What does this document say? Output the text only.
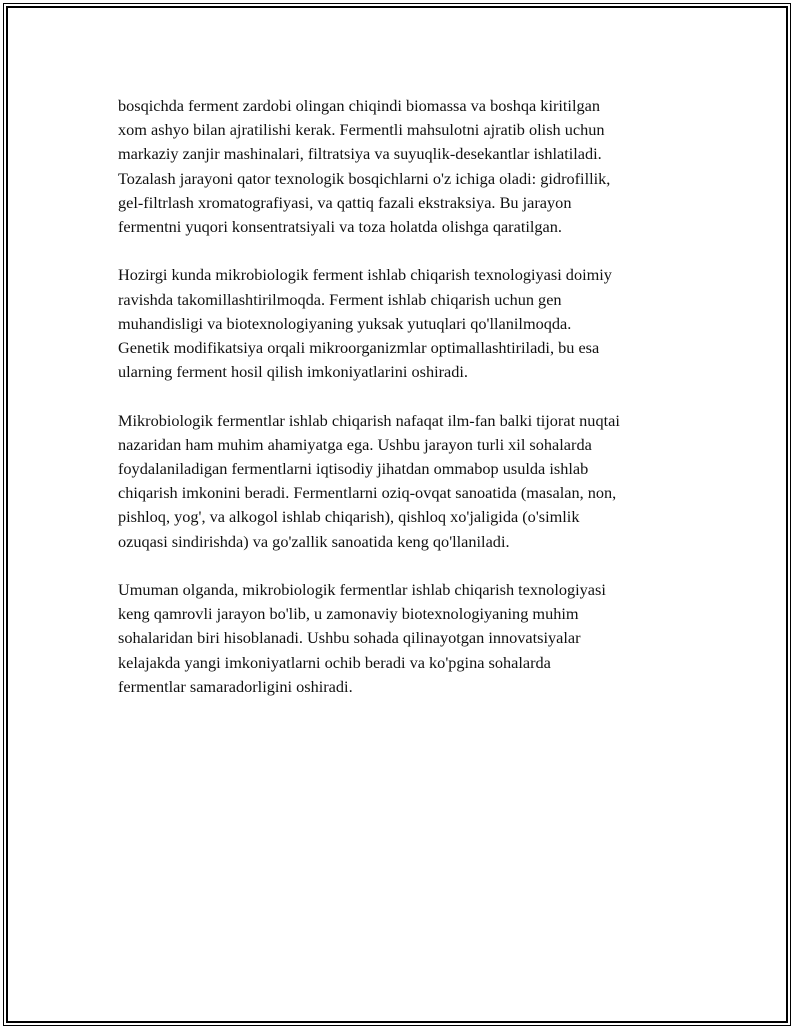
bosqichda ferment zardobi olingan chiqindi biomassa va boshqa kiritilgan
xom ashyo bilan ajratilishi kerak. Fermentli mahsulotni ajratib olish uchun
markaziy zanjir mashinalari, filtratsiya va suyuqlik-desekantlar ishlatiladi.
Tozalash jarayoni qator texnologik bosqichlarni o'z ichiga oladi: gidrofillik,
gel-filtrlash xromatografiyasi, va qattiq fazali ekstraksiya. Bu jarayon
fermentni yuqori konsentratsiyali va toza holatda olishga qaratilgan.

Hozirgi kunda mikrobiologik ferment ishlab chiqarish texnologiyasi doimiy
ravishda takomillashtirilmoqda. Ferment ishlab chiqarish uchun gen
muhandisligi va biotexnologiyaning yuksak yutuqlari qo'llanilmoqda.
Genetik modifikatsiya orqali mikroorganizmlar optimallashtiriladi, bu esa
ularning ferment hosil qilish imkoniyatlarini oshiradi.

Mikrobiologik fermentlar ishlab chiqarish nafaqat ilm-fan balki tijorat nuqtai
nazaridan ham muhim ahamiyatga ega. Ushbu jarayon turli xil sohalarda
foydalaniladigan fermentlarni iqtisodiy jihatdan ommabop usulda ishlab
chiqarish imkonini beradi. Fermentlarni oziq-ovqat sanoatida (masalan, non,
pishloq, yog', va alkogol ishlab chiqarish), qishloq xo'jaligida (o'simlik
ozuqasi sindirishda) va go'zallik sanoatida keng qo'llaniladi.

Umuman olganda, mikrobiologik fermentlar ishlab chiqarish texnologiyasi
keng qamrovli jarayon bo'lib, u zamonaviy biotexnologiyaning muhim
sohalaridan biri hisoblanadi. Ushbu sohada qilinayotgan innovatsiyalar
kelajakda yangi imkoniyatlarni ochib beradi va ko'pgina sohalarda
fermentlar samaradorligini oshiradi.
